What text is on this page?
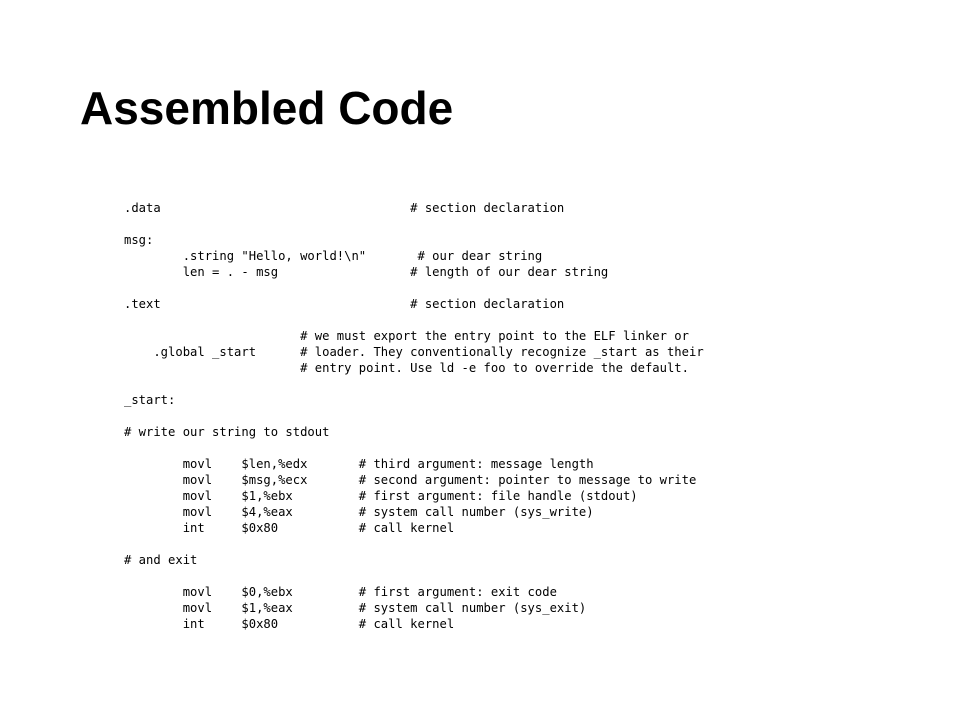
Assembled Code
.data                                  # section declaration
msg:
.string "Hello, world!\n"       # our dear string
len = . - msg                  # length of our dear string
.text                                  # section declaration
# we must export the entry point to the ELF linker or
.global _start      # loader. They conventionally recognize _start as their
# entry point. Use ld -e foo to override the default.
_start:
# write our string to stdout
movl    $len,%edx       # third argument: message length
movl    $msg,%ecx       # second argument: pointer to message to write
movl    $1,%ebx         # first argument: file handle (stdout)
movl    $4,%eax         # system call number (sys_write)
int     $0x80           # call kernel
# and exit
movl    $0,%ebx         # first argument: exit code
movl    $1,%eax         # system call number (sys_exit)
int     $0x80           # call kernel
